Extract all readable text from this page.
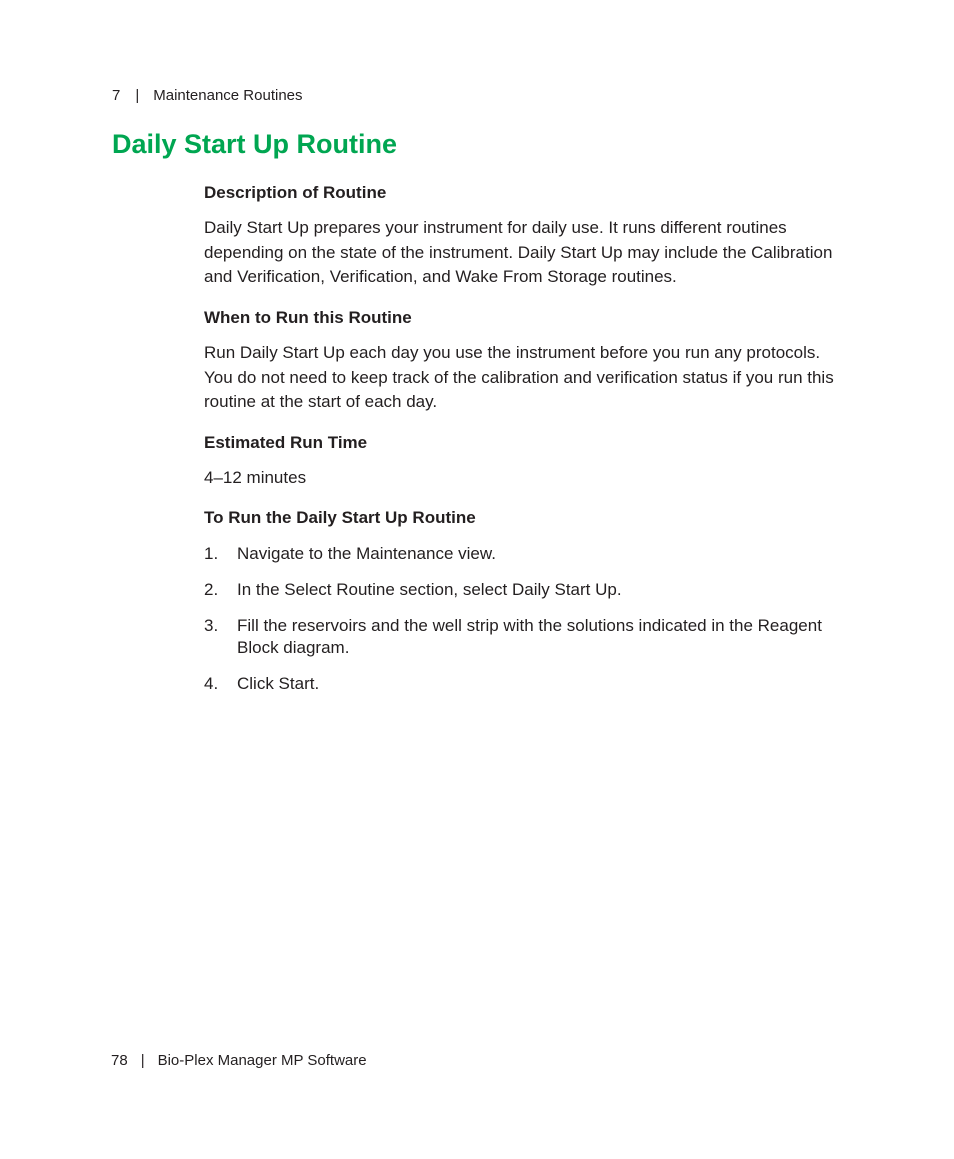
7 | Maintenance Routines
Daily Start Up Routine
Description of Routine

Daily Start Up prepares your instrument for daily use. It runs different routines depending on the state of the instrument. Daily Start Up may include the Calibration and Verification, Verification, and Wake From Storage routines.

When to Run this Routine

Run Daily Start Up each day you use the instrument before you run any protocols. You do not need to keep track of the calibration and verification status if you run this routine at the start of each day.

Estimated Run Time

4–12 minutes

To Run the Daily Start Up Routine
1. Navigate to the Maintenance view.
2. In the Select Routine section, select Daily Start Up.
3. Fill the reservoirs and the well strip with the solutions indicated in the Reagent Block diagram.
4. Click Start.
78 | Bio-Plex Manager MP Software
